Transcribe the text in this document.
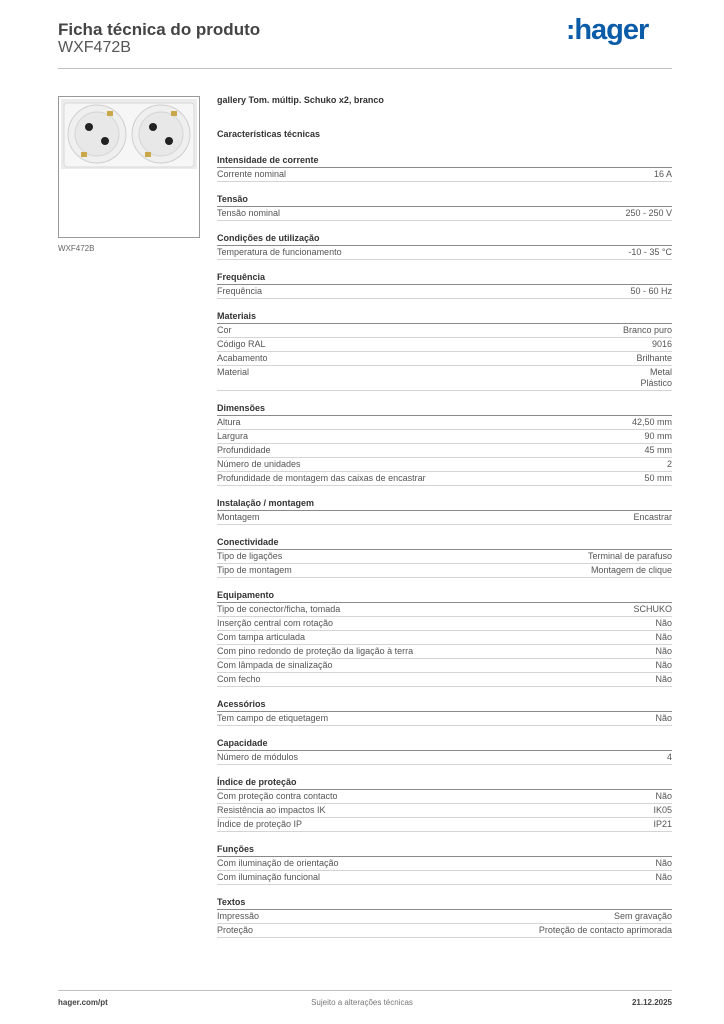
Ficha técnica do produto
WXF472B
:hager
WXF472B
gallery Tom. múltip. Schuko x2, branco
Características técnicas
Intensidade de corrente
Corrente nominal	16 A
Tensão
Tensão nominal	250 - 250 V
Condições de utilização
Temperatura de funcionamento	-10 - 35 °C
Frequência
Frequência	50 - 60 Hz
Materiais
Cor	Branco puro
Código RAL	9016
Acabamento	Brilhante
Material	Metal
Plástico
Dimensões
Altura	42,50 mm
Largura	90 mm
Profundidade	45 mm
Número de unidades	2
Profundidade de montagem das caixas de encastrar	50 mm
Instalação / montagem
Montagem	Encastrar
Conectividade
Tipo de ligações	Terminal de parafuso
Tipo de montagem	Montagem de clique
Equipamento
Tipo de conector/ficha, tomada	SCHUKO
Inserção central com rotação	Não
Com tampa articulada	Não
Com pino redondo de proteção da ligação à terra	Não
Com lâmpada de sinalização	Não
Com fecho	Não
Acessórios
Tem campo de etiquetagem	Não
Capacidade
Número de módulos	4
Índice de proteção
Com proteção contra contacto	Não
Resistência ao impactos IK	IK05
Índice de proteção IP	IP21
Funções
Com iluminação de orientação	Não
Com iluminação funcional	Não
Textos
Impressão	Sem gravação
Proteção	Proteção de contacto aprimorada
hager.com/pt	Sujeito a alterações técnicas	21.12.2025
